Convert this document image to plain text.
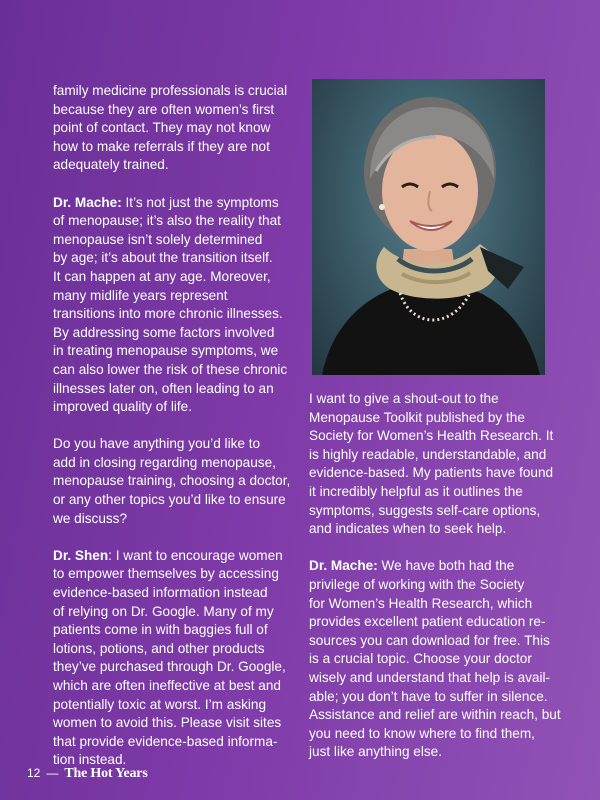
family medicine professionals is crucial
because they are often women’s first
point of contact. They may not know
how to make referrals if they are not
adequately trained.

Dr. Mache: It’s not just the symptoms
of menopause; it’s also the reality that
menopause isn’t solely determined
by age; it’s about the transition itself.
It can happen at any age. Moreover,
many midlife years represent
transitions into more chronic illnesses.
By addressing some factors involved
in treating menopause symptoms, we
can also lower the risk of these chronic
illnesses later on, often leading to an
improved quality of life.

Do you have anything you’d like to
add in closing regarding menopause,
menopause training, choosing a doctor,
or any other topics you’d like to ensure
we discuss?

Dr. Shen: I want to encourage women
to empower themselves by accessing
evidence-based information instead
of relying on Dr. Google. Many of my
patients come in with baggies full of
lotions, potions, and other products
they’ve purchased through Dr. Google,
which are often ineffective at best and
potentially toxic at worst. I’m asking
women to avoid this. Please visit sites
that provide evidence-based informa-
tion instead.

I want to give a shout-out to the
Menopause Toolkit published by the
Society for Women’s Health Research. It
is highly readable, understandable, and
evidence-based. My patients have found
it incredibly helpful as it outlines the
symptoms, suggests self-care options,
and indicates when to seek help.

Dr. Mache: We have both had the
privilege of working with the Society
for Women’s Health Research, which
provides excellent patient education re-
sources you can download for free. This
is a crucial topic. Choose your doctor
wisely and understand that help is avail-
able; you don’t have to suffer in silence.
Assistance and relief are within reach, but
you need to know where to find them,
just like anything else.

12 — The Hot Years
